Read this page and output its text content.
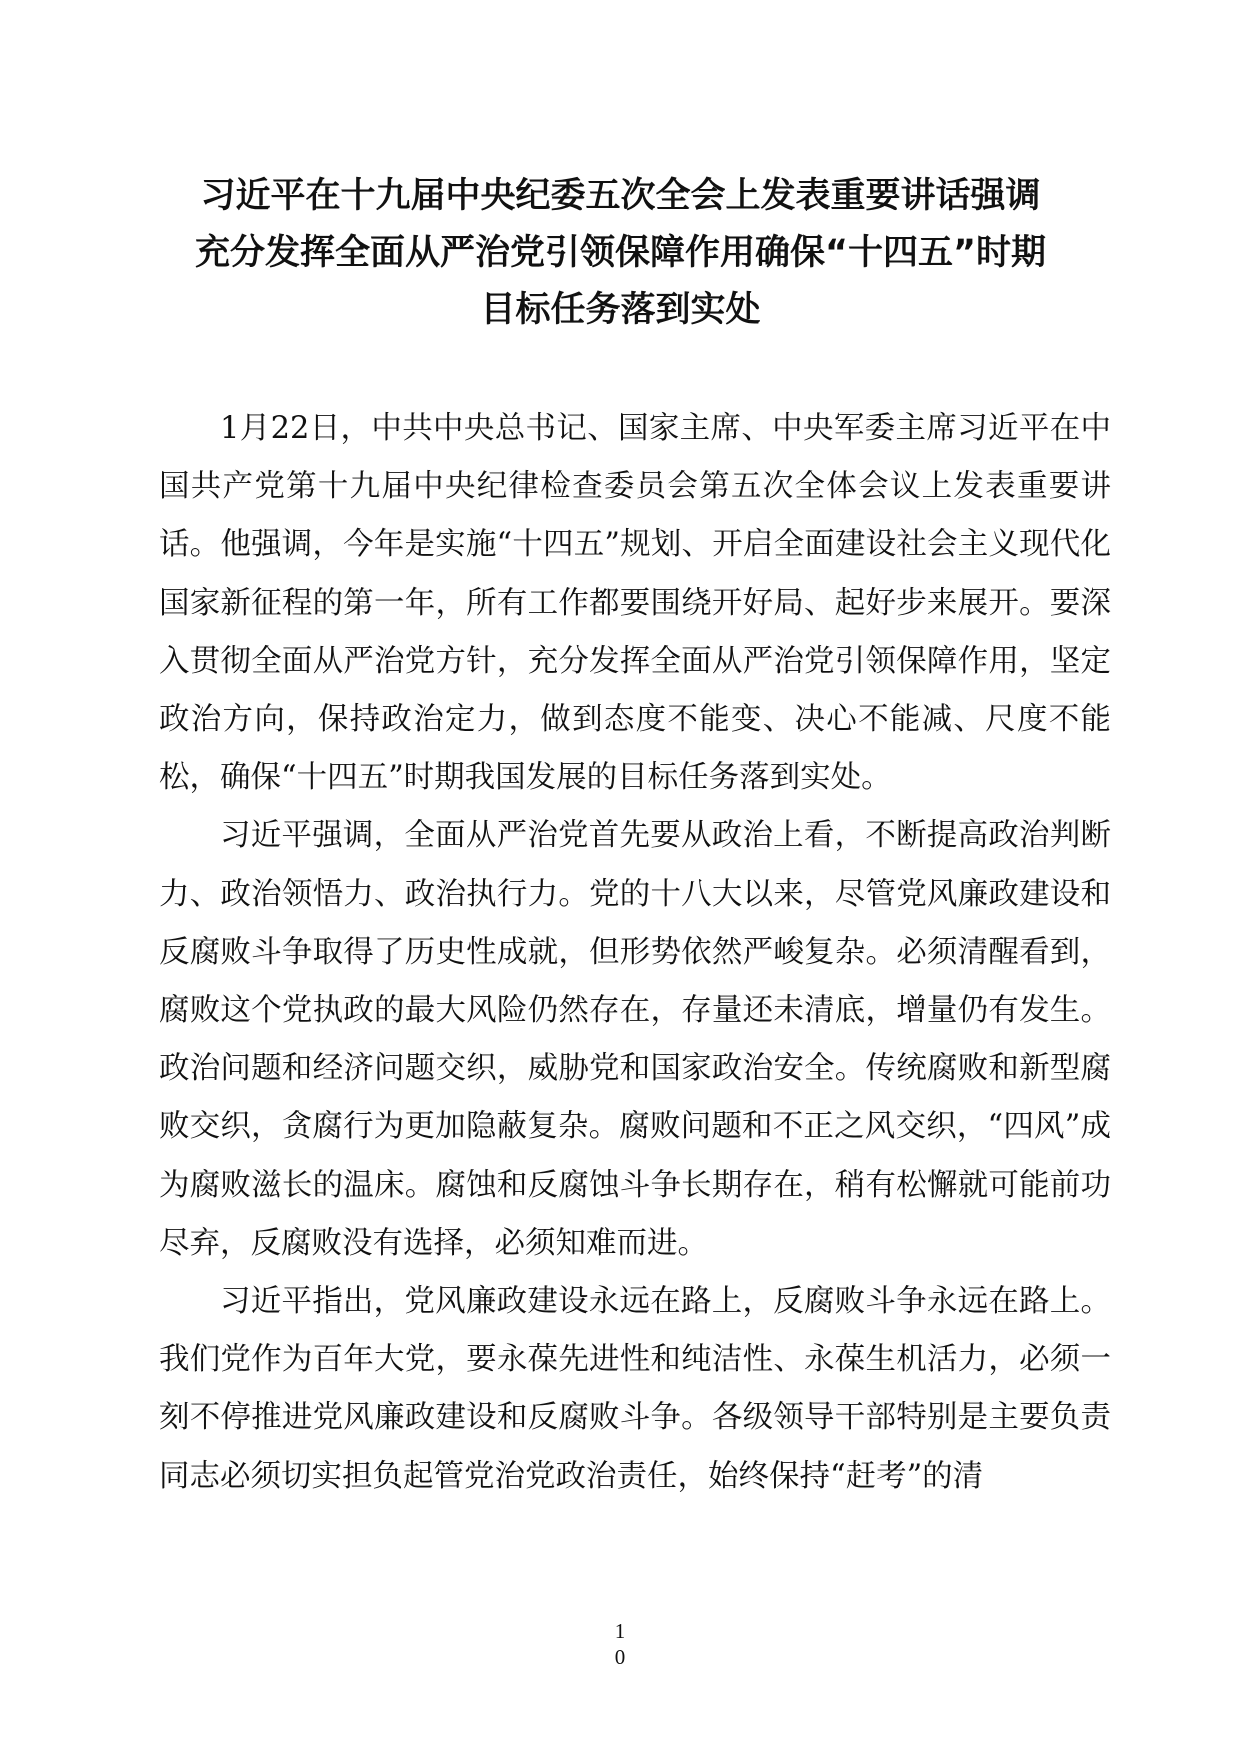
习近平在十九届中央纪委五次全会上发表重要讲话强调
充分发挥全面从严治党引领保障作用确保“十四五”时期
目标任务落到实处

1月22日，中共中央总书记、国家主席、中央军委主席习近平在中国共产党第十九届中央纪律检查委员会第五次全体会议上发表重要讲话。他强调，今年是实施“十四五”规划、开启全面建设社会主义现代化国家新征程的第一年，所有工作都要围绕开好局、起好步来展开。要深入贯彻全面从严治党方针，充分发挥全面从严治党引领保障作用，坚定政治方向，保持政治定力，做到态度不能变、决心不能减、尺度不能松，确保“十四五”时期我国发展的目标任务落到实处。

习近平强调，全面从严治党首先要从政治上看，不断提高政治判断力、政治领悟力、政治执行力。党的十八大以来，尽管党风廉政建设和反腐败斗争取得了历史性成就，但形势依然严峻复杂。必须清醒看到，腐败这个党执政的最大风险仍然存在，存量还未清底，增量仍有发生。政治问题和经济问题交织，威胁党和国家政治安全。传统腐败和新型腐败交织，贪腐行为更加隐蔽复杂。腐败问题和不正之风交织，“四风”成为腐败滋长的温床。腐蚀和反腐蚀斗争长期存在，稍有松懈就可能前功尽弃，反腐败没有选择，必须知难而进。

习近平指出，党风廉政建设永远在路上，反腐败斗争永远在路上。我们党作为百年大党，要永葆先进性和纯洁性、永葆生机活力，必须一刻不停推进党风廉政建设和反腐败斗争。各级领导干部特别是主要负责同志必须切实担负起管党治党政治责任，始终保持“赶考”的清

1
0
